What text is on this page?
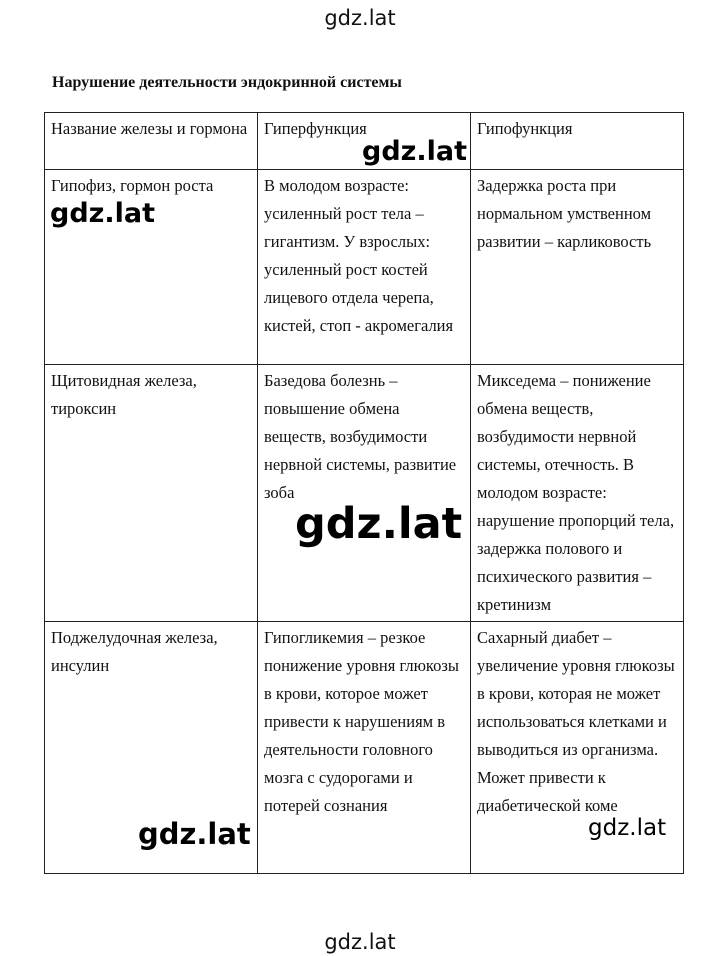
gdz.lat
Нарушение деятельности эндокринной системы
Название железы и гормона	Гиперфункция	Гипофункция
Гипофиз, гормон роста	В молодом возрасте: усиленный рост тела – гигантизм. У взрослых: усиленный рост костей лицевого отдела черепа, кистей, стоп - акромегалия	Задержка роста при нормальном умственном развитии – карликовость
Щитовидная железа, тироксин	Базедова болезнь – повышение обмена веществ, возбудимости нервной системы, развитие зоба	Микседема – понижение обмена веществ, возбудимости нервной системы, отечность. В молодом возрасте: нарушение пропорций тела, задержка полового и психического развития – кретинизм
Поджелудочная железа, инсулин	Гипогликемия – резкое понижение уровня глюкозы в крови, которое может привести к нарушениям в деятельности головного мозга с судорогами и потерей сознания	Сахарный диабет – увеличение уровня глюкозы в крови, которая не может использоваться клетками и выводиться из организма. Может привести к диабетической коме
gdz.lat
gdz.lat
gdz.lat
gdz.lat	gdz.lat
gdz.lat
